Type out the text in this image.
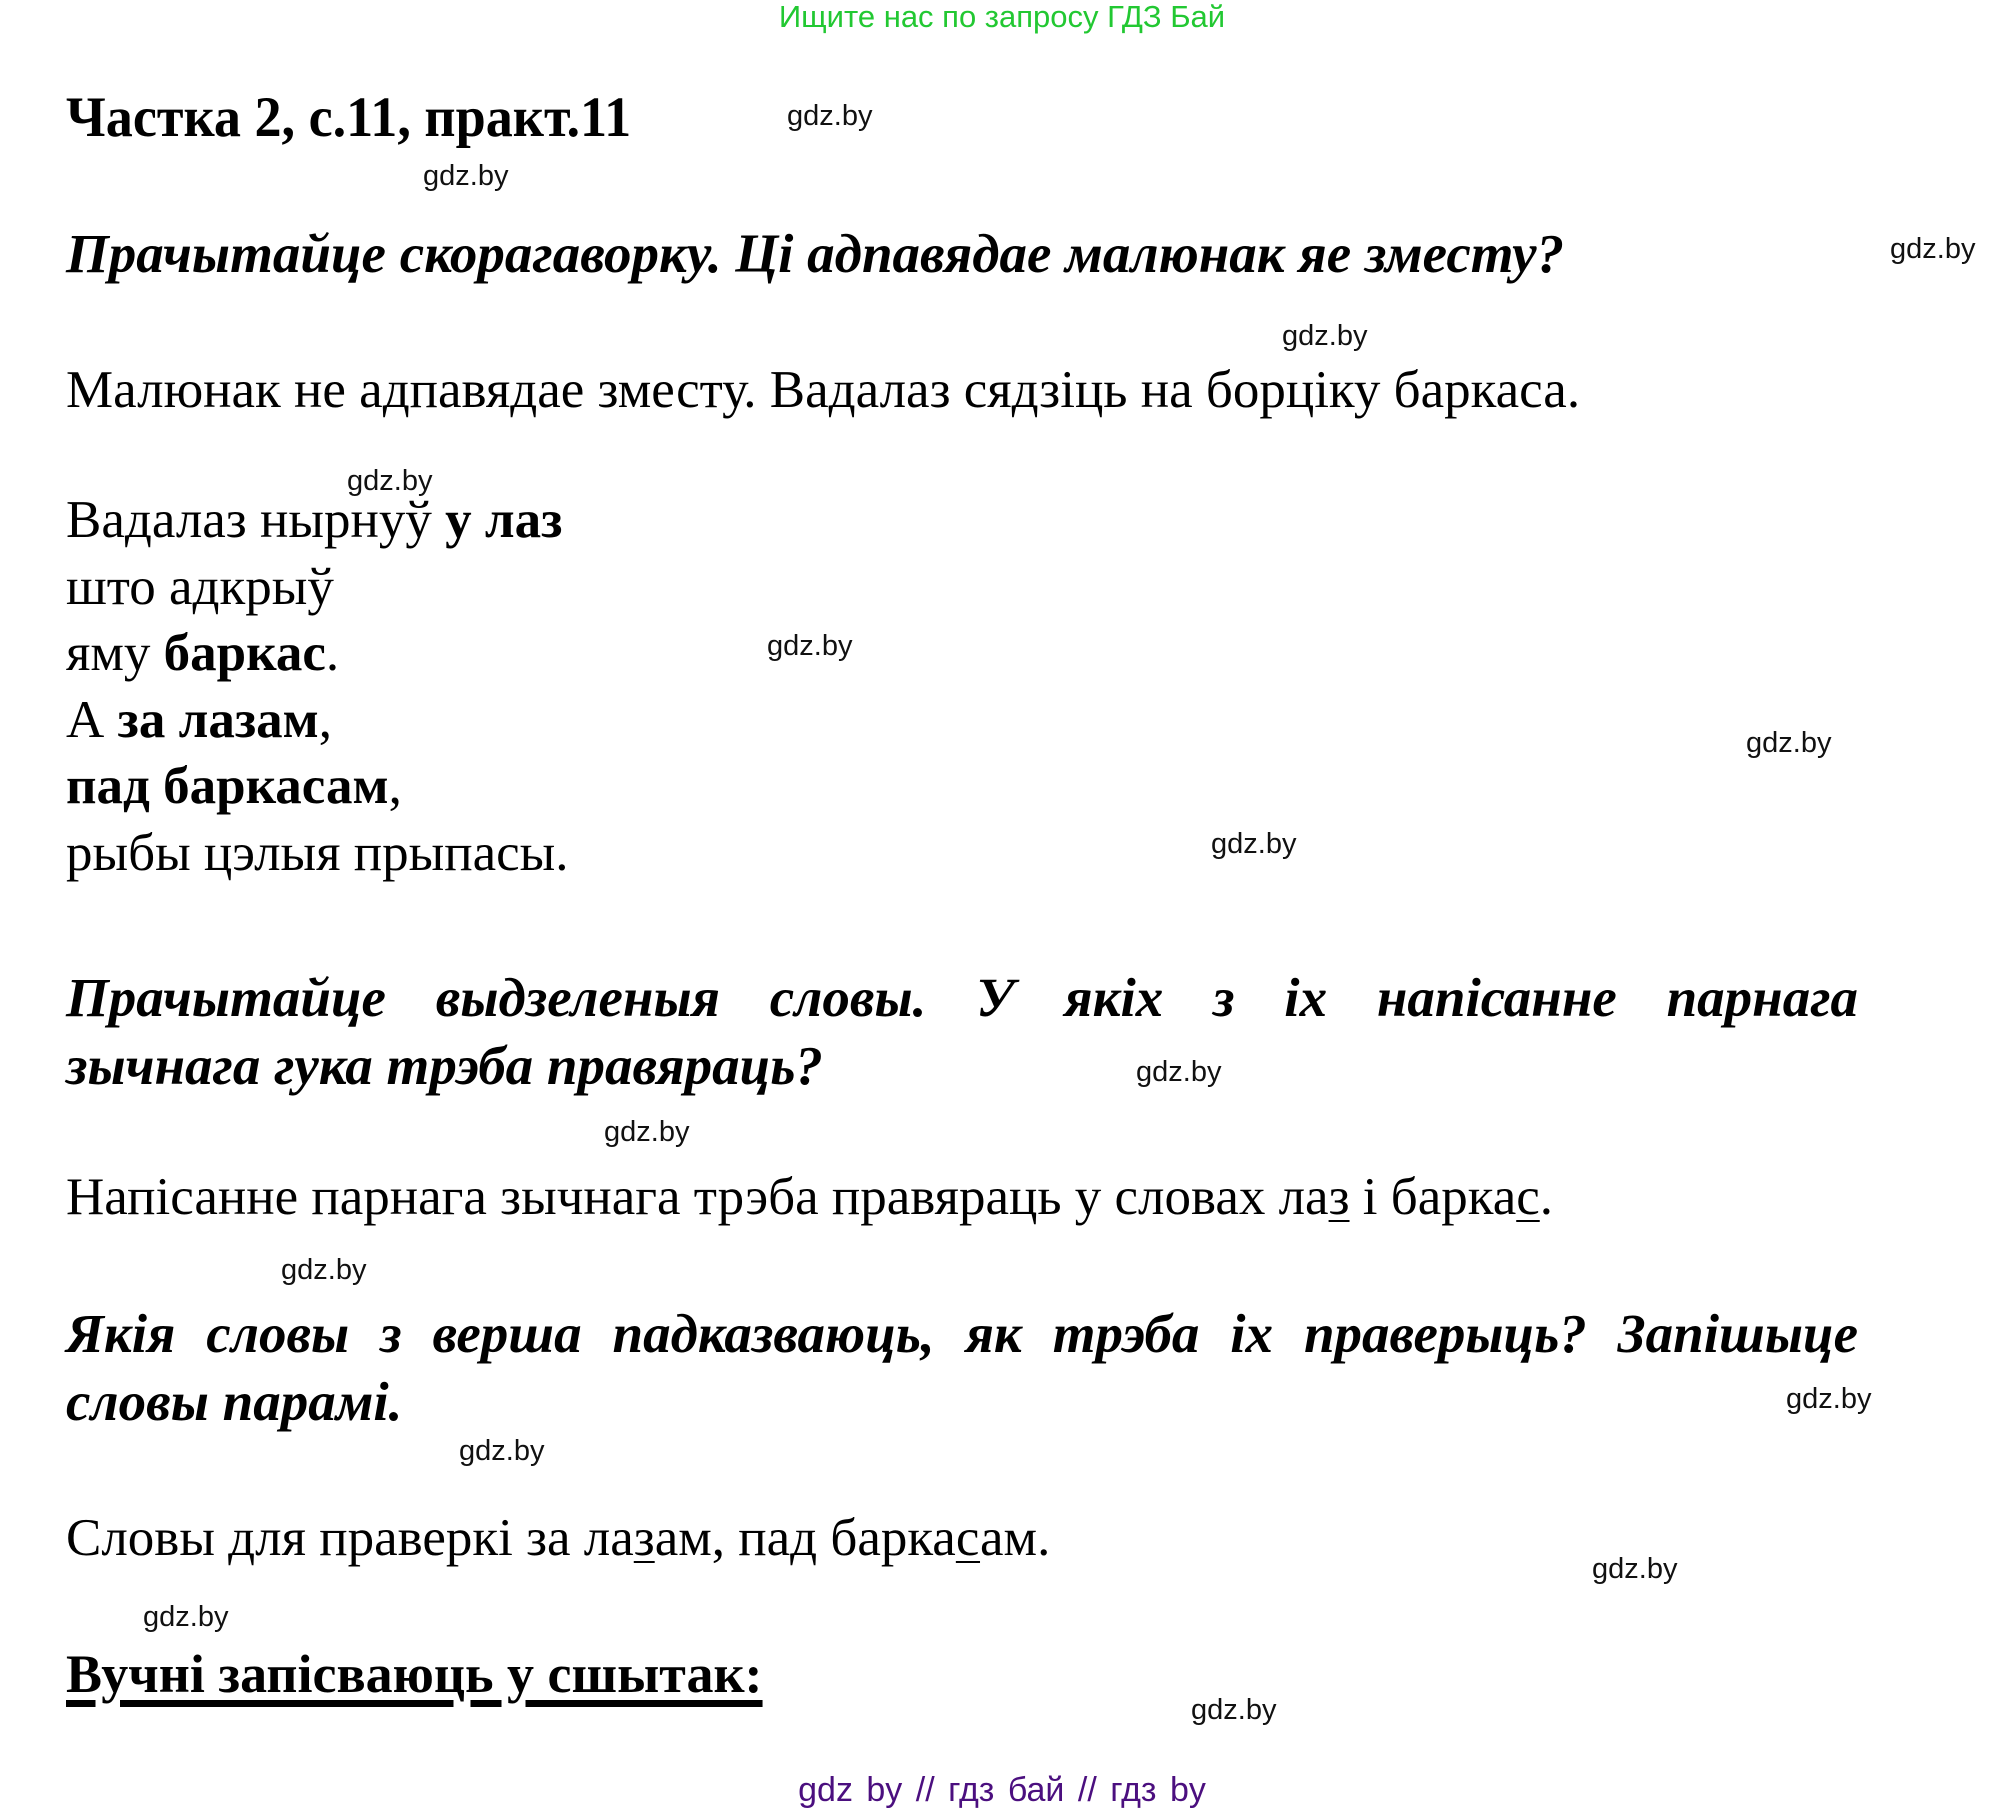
Ищите нас по запросу ГДЗ Бай
Частка 2, с.11, практ.11	gdz.by
gdz.by
gdz.by
gdz.by
gdz.by
gdz.by
gdz.by
gdz.by
gdz.by
gdz.by
gdz.by
gdz.by
gdz.by
gdz.by
gdz.by
gdz.by
Прачытайце скорагаворку. Ці адпавядае малюнак яе зместу?
Малюнак не адпавядае зместу. Вадалаз сядзіць на борціку баркаса.
Вадалаз нырнуў у лаз
што адкрыў
яму баркас.
А за лазам,
пад баркасам,
рыбы цэлыя прыпасы.
Прачытайце выдзеленыя словы. У якіх з іх напісанне парнага
зычнага гука трэба правяраць?
Напісанне парнага зычнага трэба правяраць у словах лаз і баркас.
Якія словы з верша падказваюць, як трэба іх праверыць? Запішыце
словы парамі.
Словы для праверкі за лазам, пад баркасам.
Вучні запісваюць у сшытак:
gdz by // гдз бай // гдз by
